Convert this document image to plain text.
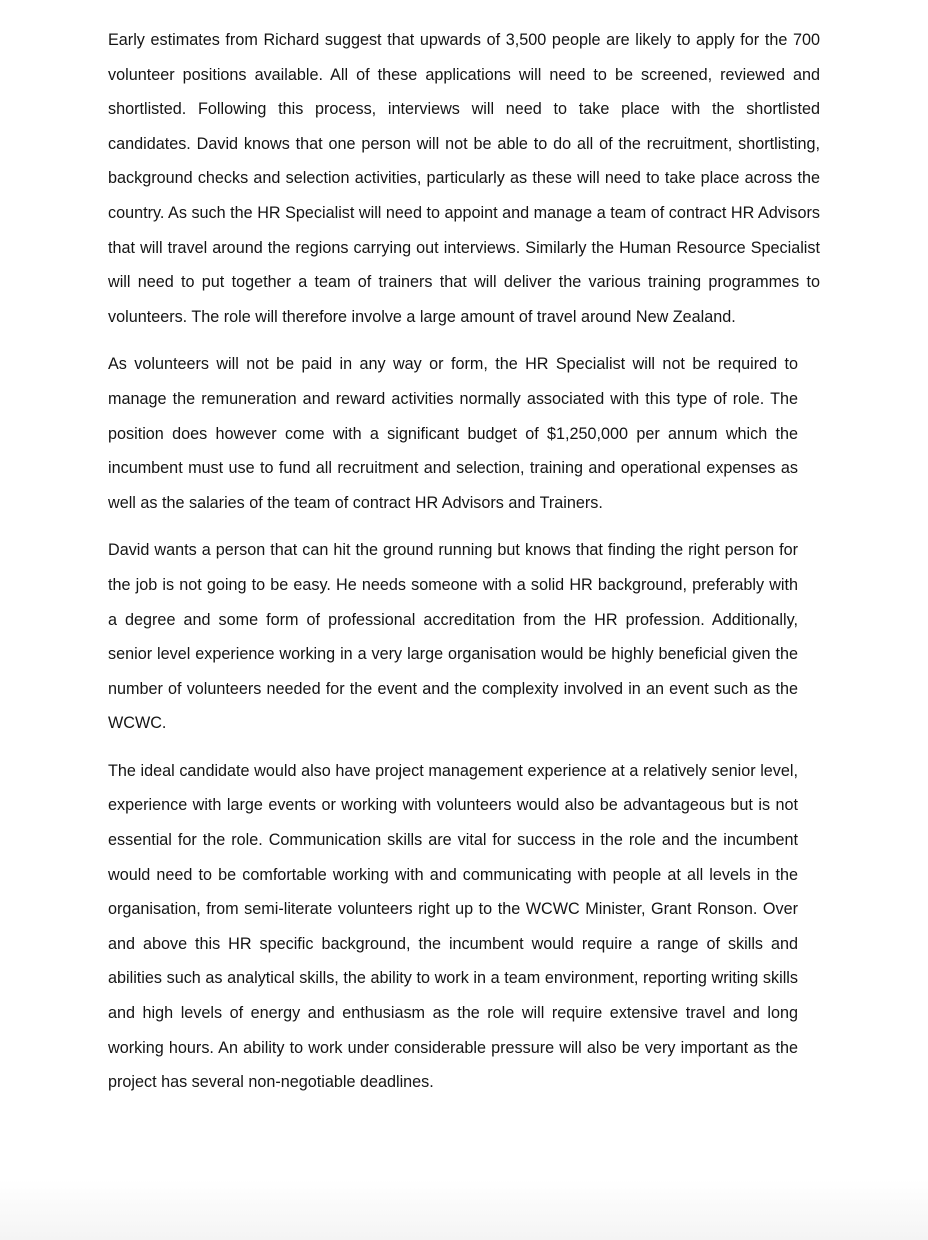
Early estimates from Richard suggest that upwards of 3,500 people are likely to apply for the 700 volunteer positions available. All of these applications will need to be screened, reviewed and shortlisted. Following this process, interviews will need to take place with the shortlisted candidates. David knows that one person will not be able to do all of the recruitment, shortlisting, background checks and selection activities, particularly as these will need to take place across the country. As such the HR Specialist will need to appoint and manage a team of contract HR Advisors that will travel around the regions carrying out interviews. Similarly the Human Resource Specialist will need to put together a team of trainers that will deliver the various training programmes to volunteers. The role will therefore involve a large amount of travel around New Zealand.

As volunteers will not be paid in any way or form, the HR Specialist will not be required to manage the remuneration and reward activities normally associated with this type of role. The position does however come with a significant budget of $1,250,000 per annum which the incumbent must use to fund all recruitment and selection, training and operational expenses as well as the salaries of the team of contract HR Advisors and Trainers.

David wants a person that can hit the ground running but knows that finding the right person for the job is not going to be easy. He needs someone with a solid HR background, preferably with a degree and some form of professional accreditation from the HR profession. Additionally, senior level experience working in a very large organisation would be highly beneficial given the number of volunteers needed for the event and the complexity involved in an event such as the WCWC.

The ideal candidate would also have project management experience at a relatively senior level, experience with large events or working with volunteers would also be advantageous but is not essential for the role. Communication skills are vital for success in the role and the incumbent would need to be comfortable working with and communicating with people at all levels in the organisation, from semi-literate volunteers right up to the WCWC Minister, Grant Ronson. Over and above this HR specific background, the incumbent would require a range of skills and abilities such as analytical skills, the ability to work in a team environment, reporting writing skills and high levels of energy and enthusiasm as the role will require extensive travel and long working hours. An ability to work under considerable pressure will also be very important as the project has several non-negotiable deadlines.
